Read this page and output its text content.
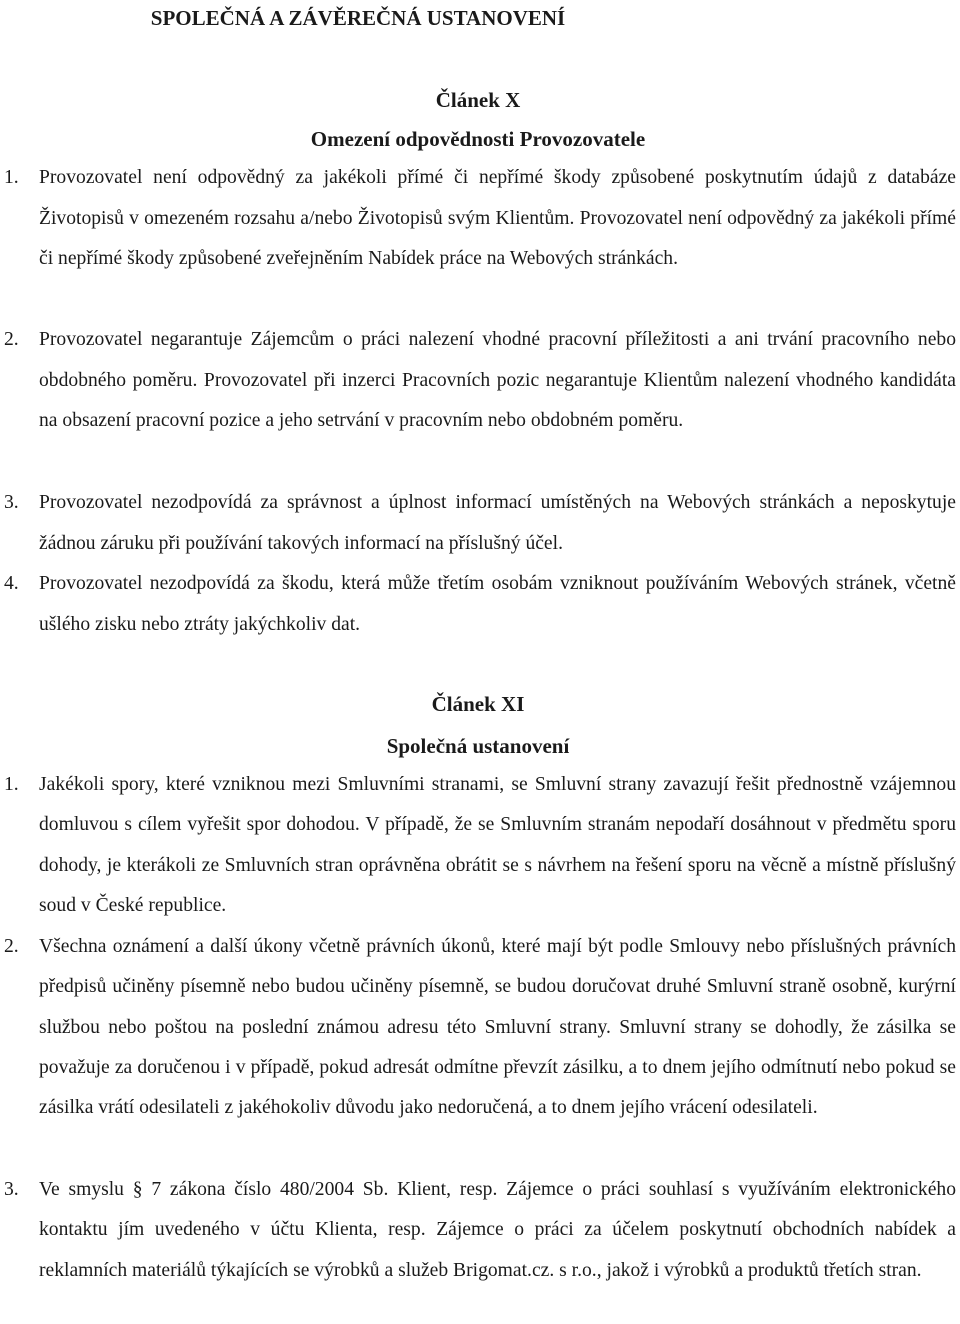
SPOLEČNÁ A ZÁVĚREČNÁ USTANOVENÍ
Článek X
Omezení odpovědnosti Provozovatele
1. Provozovatel není odpovědný za jakékoli přímé či nepřímé škody způsobené poskytnutím údajů z databáze Životopisů v omezeném rozsahu a/nebo Životopisů svým Klientům. Provozovatel není odpovědný za jakékoli přímé či nepřímé škody způsobené zveřejněním Nabídek práce na Webových stránkách.
2. Provozovatel negarantuje Zájemcům o práci nalezení vhodné pracovní příležitosti a ani trvání pracovního nebo obdobného poměru. Provozovatel při inzerci Pracovních pozic negarantuje Klientům nalezení vhodného kandidáta na obsazení pracovní pozice a jeho setrvání v pracovním nebo obdobném poměru.
3. Provozovatel nezodpovídá za správnost a úplnost informací umístěných na Webových stránkách a neposkytuje žádnou záruku při používání takových informací na příslušný účel.
4. Provozovatel nezodpovídá za škodu, která může třetím osobám vzniknout používáním Webových stránek, včetně ušlého zisku nebo ztráty jakýchkoliv dat.
Článek XI
Společná ustanovení
1. Jakékoli spory, které vzniknou mezi Smluvními stranami, se Smluvní strany zavazují řešit přednostně vzájemnou domluvou s cílem vyřešit spor dohodou. V případě, že se Smluvním stranám nepodaří dosáhnout v předmětu sporu dohody, je kterákoli ze Smluvních stran oprávněna obrátit se s návrhem na řešení sporu na věcně a místně příslušný soud v České republice.
2. Všechna oznámení a další úkony včetně právních úkonů, které mají být podle Smlouvy nebo příslušných právních předpisů učiněny písemně nebo budou učiněny písemně, se budou doručovat druhé Smluvní straně osobně, kurýrní službou nebo poštou na poslední známou adresu této Smluvní strany. Smluvní strany se dohodly, že zásilka se považuje za doručenou i v případě, pokud adresát odmítne převzít zásilku, a to dnem jejího odmítnutí nebo pokud se zásilka vrátí odesilateli z jakéhokoliv důvodu jako nedoručená, a to dnem jejího vrácení odesilateli.
3. Ve smyslu § 7 zákona číslo 480/2004 Sb. Klient, resp. Zájemce o práci souhlasí s využíváním elektronického kontaktu jím uvedeného v účtu Klienta, resp. Zájemce o práci za účelem poskytnutí obchodních nabídek a reklamních materiálů týkajících se výrobků a služeb Brigomat.cz. s r.o., jakož i výrobků a produktů třetích stran.
